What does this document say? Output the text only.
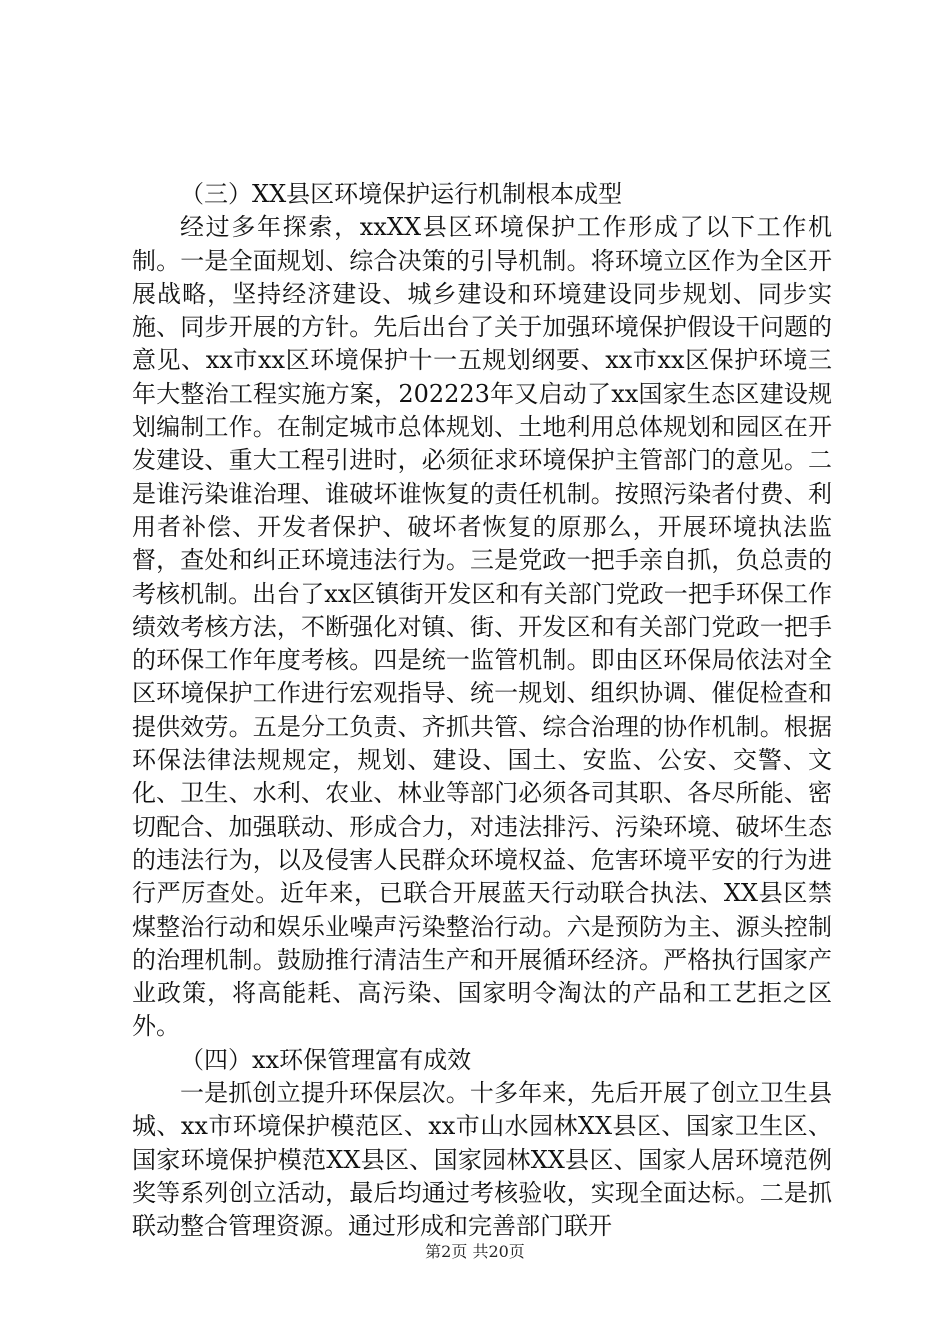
（三）XX县区环境保护运行机制根本成型

经过多年探索，xxXX县区环境保护工作形成了以下工作机制。一是全面规划、综合决策的引导机制。将环境立区作为全区开展战略，坚持经济建设、城乡建设和环境建设同步规划、同步实施、同步开展的方针。先后出台了关于加强环境保护假设干问题的意见、xx市xx区环境保护十一五规划纲要、xx市xx区保护环境三年大整治工程实施方案，202223年又启动了xx国家生态区建设规划编制工作。在制定城市总体规划、土地利用总体规划和园区在开发建设、重大工程引进时，必须征求环境保护主管部门的意见。二是谁污染谁治理、谁破坏谁恢复的责任机制。按照污染者付费、利用者补偿、开发者保护、破坏者恢复的原那么，开展环境执法监督，查处和纠正环境违法行为。三是党政一把手亲自抓，负总责的考核机制。出台了xx区镇街开发区和有关部门党政一把手环保工作绩效考核方法，不断强化对镇、街、开发区和有关部门党政一把手的环保工作年度考核。四是统一监管机制。即由区环保局依法对全区环境保护工作进行宏观指导、统一规划、组织协调、催促检查和提供效劳。五是分工负责、齐抓共管、综合治理的协作机制。根据环保法律法规规定，规划、建设、国土、安监、公安、交警、文化、卫生、水利、农业、林业等部门必须各司其职、各尽所能、密切配合、加强联动、形成合力，对违法排污、污染环境、破坏生态的违法行为，以及侵害人民群众环境权益、危害环境平安的行为进行严厉查处。近年来，已联合开展蓝天行动联合执法、XX县区禁煤整治行动和娱乐业噪声污染整治行动。六是预防为主、源头控制的治理机制。鼓励推行清洁生产和开展循环经济。严格执行国家产业政策，将高能耗、高污染、国家明令淘汰的产品和工艺拒之区外。

（四）xx环保管理富有成效

一是抓创立提升环保层次。十多年来，先后开展了创立卫生县城、xx市环境保护模范区、xx市山水园林XX县区、国家卫生区、国家环境保护模范XX县区、国家园林XX县区、国家人居环境范例奖等系列创立活动，最后均通过考核验收，实现全面达标。二是抓联动整合管理资源。通过形成和完善部门联开

第2页 共20页
